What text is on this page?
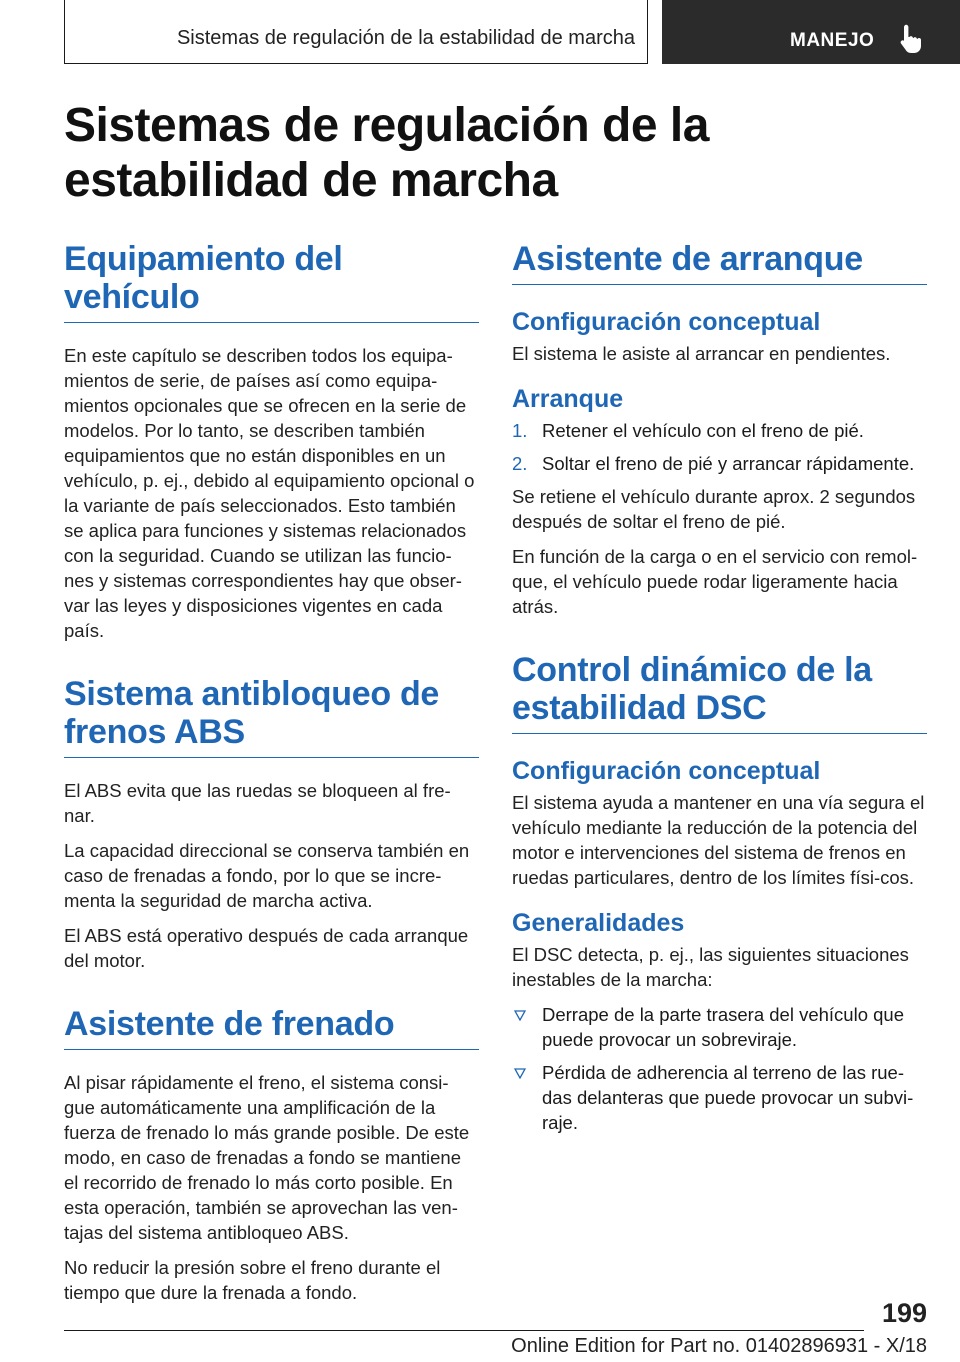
Sistemas de regulación de la estabilidad de marcha	MANEJO
Sistemas de regulación de la estabilidad de marcha
Equipamiento del vehículo

En este capítulo se describen todos los equipa-mientos de serie, de países así como equipa-mientos opcionales que se ofrecen en la serie de modelos. Por lo tanto, se describen también equipamientos que no están disponibles en un vehículo, p. ej., debido al equipamiento opcional o la variante de país seleccionados. Esto también se aplica para funciones y sistemas relacionados con la seguridad. Cuando se utilizan las funcio-nes y sistemas correspondientes hay que obser-var las leyes y disposiciones vigentes en cada país.

Sistema antibloqueo de frenos ABS

El ABS evita que las ruedas se bloqueen al fre-nar.

La capacidad direccional se conserva también en caso de frenadas a fondo, por lo que se incre-menta la seguridad de marcha activa.

El ABS está operativo después de cada arranque del motor.

Asistente de frenado

Al pisar rápidamente el freno, el sistema consi-gue automáticamente una amplificación de la fuerza de frenado lo más grande posible. De este modo, en caso de frenadas a fondo se mantiene el recorrido de frenado lo más corto posible. En esta operación, también se aprovechan las ven-tajas del sistema antibloqueo ABS.

No reducir la presión sobre el freno durante el tiempo que dure la frenada a fondo.

Asistente de arranque
Configuración conceptual

El sistema le asiste al arrancar en pendientes.

Arranque
1. Retener el vehículo con el freno de pié.
2. Soltar el freno de pié y arrancar rápidamente.

Se retiene el vehículo durante aprox. 2 segundos después de soltar el freno de pié.

En función de la carga o en el servicio con remol-que, el vehículo puede rodar ligeramente hacia atrás.

Control dinámico de la estabilidad DSC
Configuración conceptual

El sistema ayuda a mantener en una vía segura el vehículo mediante la reducción de la potencia del motor e intervenciones del sistema de frenos en ruedas particulares, dentro de los límites físi-cos.

Generalidades

El DSC detecta, p. ej., las siguientes situaciones inestables de la marcha:

Derrape de la parte trasera del vehículo que puede provocar un sobreviraje.
Pérdida de adherencia al terreno de las rue-das delanteras que puede provocar un subvi-raje.
199
Online Edition for Part no. 01402896931 - X/18
